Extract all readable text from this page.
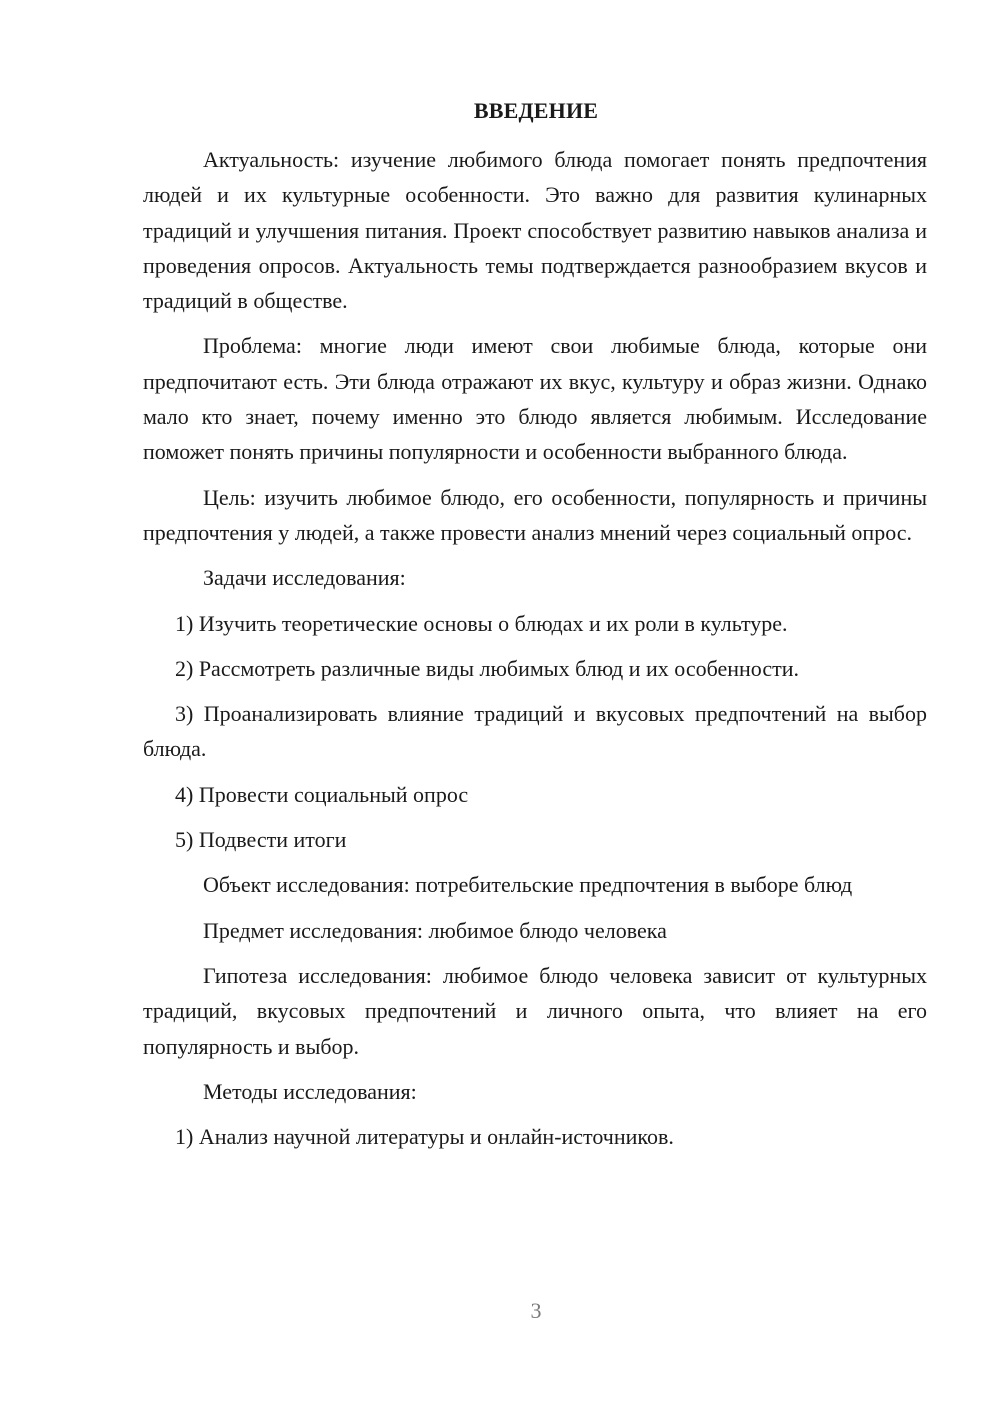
ВВЕДЕНИЕ

Актуальность: изучение любимого блюда помогает понять предпочтения людей и их культурные особенности. Это важно для развития кулинарных традиций и улучшения питания. Проект способствует развитию навыков анализа и проведения опросов. Актуальность темы подтверждается разнообразием вкусов и традиций в обществе.

Проблема: многие люди имеют свои любимые блюда, которые они предпочитают есть. Эти блюда отражают их вкус, культуру и образ жизни. Однако мало кто знает, почему именно это блюдо является любимым. Исследование поможет понять причины популярности и особенности выбранного блюда.

Цель: изучить любимое блюдо, его особенности, популярность и причины предпочтения у людей, а также провести анализ мнений через социальный опрос.

Задачи исследования:

1) Изучить теоретические основы о блюдах и их роли в культуре.

2) Рассмотреть различные виды любимых блюд и их особенности.

3) Проанализировать влияние традиций и вкусовых предпочтений на выбор блюда.

4) Провести социальный опрос

5) Подвести итоги

Объект исследования: потребительские предпочтения в выборе блюд

Предмет исследования: любимое блюдо человека

Гипотеза исследования: любимое блюдо человека зависит от культурных традиций, вкусовых предпочтений и личного опыта, что влияет на его популярность и выбор.

Методы исследования:

1) Анализ научной литературы и онлайн-источников.

3
